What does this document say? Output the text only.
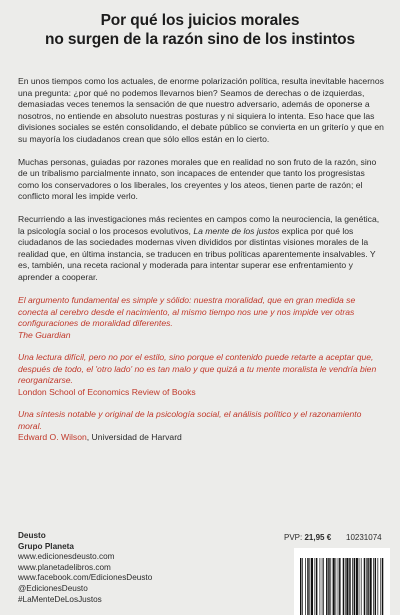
Por qué los juicios morales
no surgen de la razón sino de los instintos

En unos tiempos como los actuales, de enorme polarización política, resulta inevitable hacernos una pregunta: ¿por qué no podemos llevarnos bien? Seamos de derechas o de izquierdas, demasiadas veces tenemos la sensación de que nuestro adversario, además de oponerse a nosotros, no entiende en absoluto nuestras posturas y ni siquiera lo intenta. Eso hace que las divisiones sociales se estén consolidando, el debate público se convierta en un griterío y que en su mayoría los ciudadanos crean que sólo ellos están en lo cierto.

Muchas personas, guiadas por razones morales que en realidad no son fruto de la razón, sino de un tribalismo parcialmente innato, son incapaces de entender que tanto los progresistas como los conservadores o los liberales, los creyentes y los ateos, tienen parte de razón; el conflicto moral les impide verlo.

Recurriendo a las investigaciones más recientes en campos como la neurociencia, la genética, la psicología social o los procesos evolutivos, La mente de los justos explica por qué los ciudadanos de las sociedades modernas viven divididos por distintas visiones morales de la realidad que, en última instancia, se traducen en tribus políticas aparentemente insalvables. Y es, también, una receta racional y moderada para intentar superar ese enfrentamiento y aprender a cooperar.

El argumento fundamental es simple y sólido: nuestra moralidad, que en gran medida se conecta al cerebro desde el nacimiento, al mismo tiempo nos une y nos impide ver otras configuraciones de moralidad diferentes.
The Guardian
Una lectura difícil, pero no por el estilo, sino porque el contenido puede retarte a aceptar que, después de todo, el 'otro lado' no es tan malo y que quizá a tu mente moralista le vendría bien reorganizarse.
London School of Economics Review of Books
Una síntesis notable y original de la psicología social, el análisis político y el razonamiento moral.
Edward O. Wilson, Universidad de Harvard
Deusto
Grupo Planeta
www.edicionesdeusto.com
www.planetadelibros.com
www.facebook.com/EdicionesDeusto
@EdicionesDeusto
#LaMenteDeLosJustos
PVP: 21,95 € 10231074
